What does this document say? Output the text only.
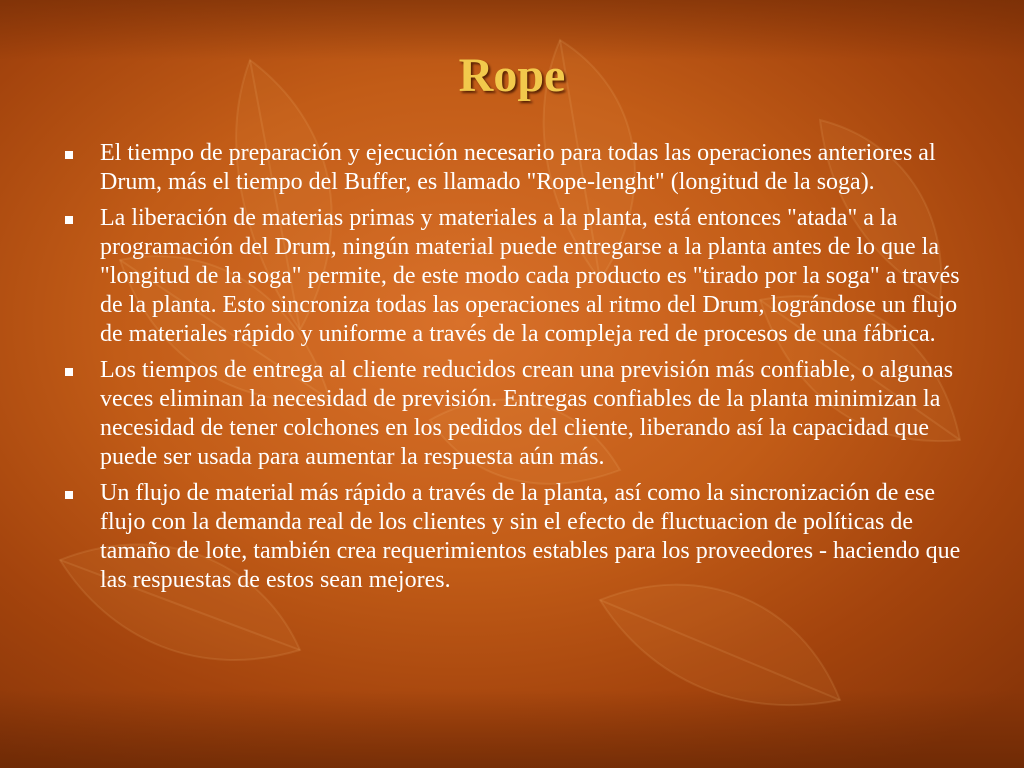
Rope
El tiempo de preparación y ejecución necesario para todas las operaciones anteriores al Drum, más el tiempo del Buffer, es llamado "Rope-lenght" (longitud de la soga).
La liberación de materias primas y materiales a la planta, está entonces "atada" a la programación del Drum, ningún material puede entregarse a la planta antes de lo que la "longitud de la soga" permite, de este modo cada producto es "tirado por la soga" a través de la planta. Esto sincroniza todas las operaciones al ritmo del Drum, lográndose un flujo de materiales rápido y uniforme a través de la compleja red de procesos de una fábrica.
Los tiempos de entrega al cliente reducidos crean una previsión más confiable, o algunas veces eliminan la necesidad de previsión. Entregas confiables de la planta minimizan la necesidad de tener colchones en los pedidos del cliente, liberando así la capacidad que puede ser usada para aumentar la respuesta aún más.
Un flujo de material más rápido a través de la planta, así como la sincronización de ese flujo con la demanda real de los clientes y sin el efecto de fluctuacion de políticas de tamaño de lote, también crea requerimientos estables para los proveedores - haciendo que las respuestas de estos sean mejores.
